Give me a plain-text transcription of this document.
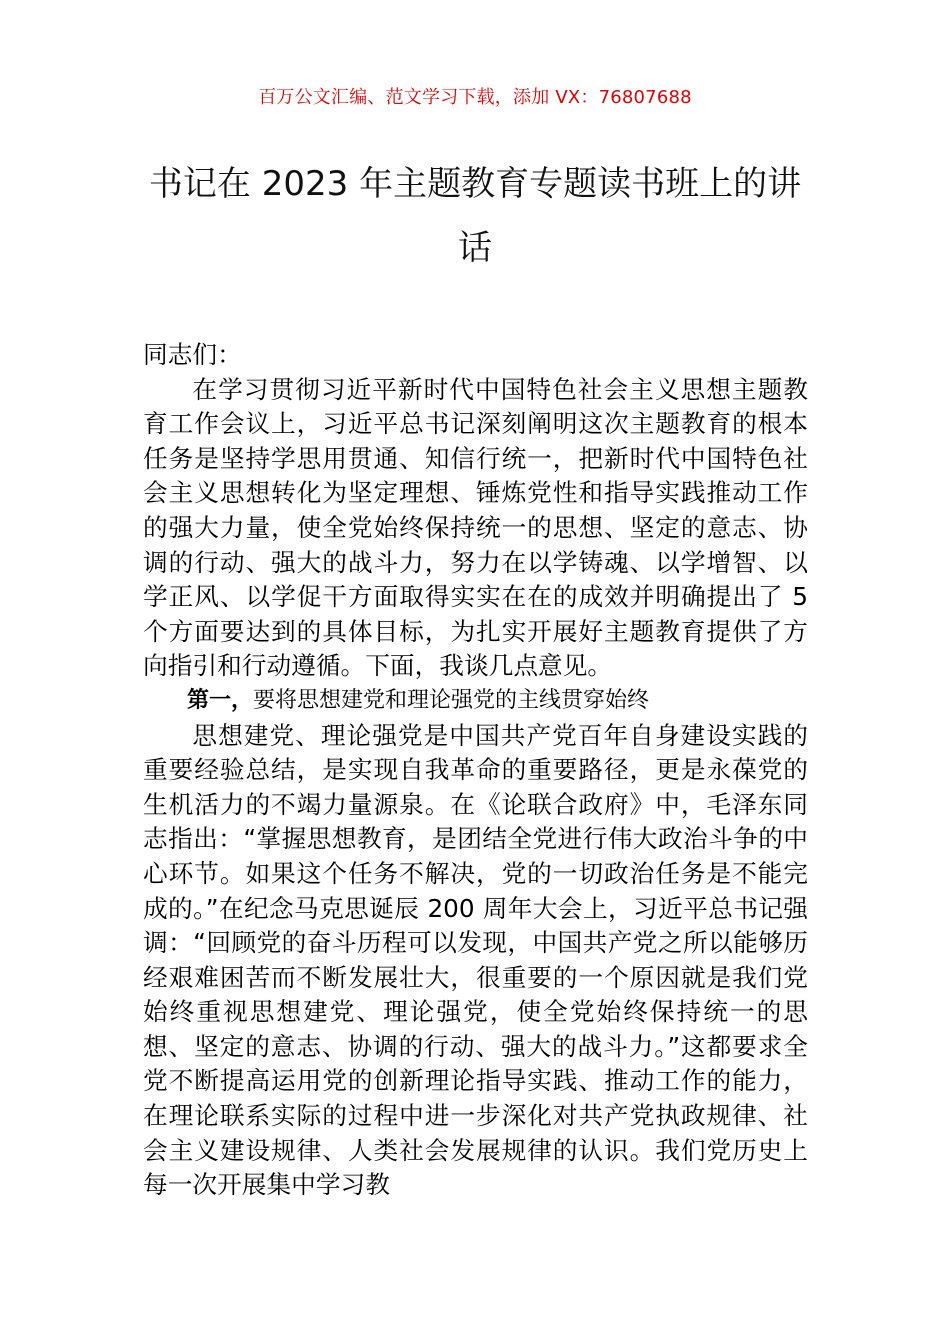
百万公文汇编、范文学习下载，添加 VX：76807688
书记在 2023 年主题教育专题读书班上的讲话

同志们：

在学习贯彻习近平新时代中国特色社会主义思想主题教育工作会议上，习近平总书记深刻阐明这次主题教育的根本任务是坚持学思用贯通、知信行统一，把新时代中国特色社会主义思想转化为坚定理想、锤炼党性和指导实践推动工作的强大力量，使全党始终保持统一的思想、坚定的意志、协调的行动、强大的战斗力，努力在以学铸魂、以学增智、以学正风、以学促干方面取得实实在在的成效并明确提出了 5 个方面要达到的具体目标，为扎实开展好主题教育提供了方向指引和行动遵循。下面，我谈几点意见。

第一，要将思想建党和理论强党的主线贯穿始终

思想建党、理论强党是中国共产党百年自身建设实践的重要经验总结，是实现自我革命的重要路径，更是永葆党的生机活力的不竭力量源泉。在《论联合政府》中，毛泽东同志指出：“掌握思想教育，是团结全党进行伟大政治斗争的中心环节。如果这个任务不解决，党的一切政治任务是不能完成的。”在纪念马克思诞辰 200 周年大会上，习近平总书记强调：“回顾党的奋斗历程可以发现，中国共产党之所以能够历经艰难困苦而不断发展壮大，很重要的一个原因就是我们党始终重视思想建党、理论强党，使全党始终保持统一的思想、坚定的意志、协调的行动、强大的战斗力。”这都要求全党不断提高运用党的创新理论指导实践、推动工作的能力，在理论联系实际的过程中进一步深化对共产党执政规律、社会主义建设规律、人类社会发展规律的认识。我们党历史上每一次开展集中学习教
